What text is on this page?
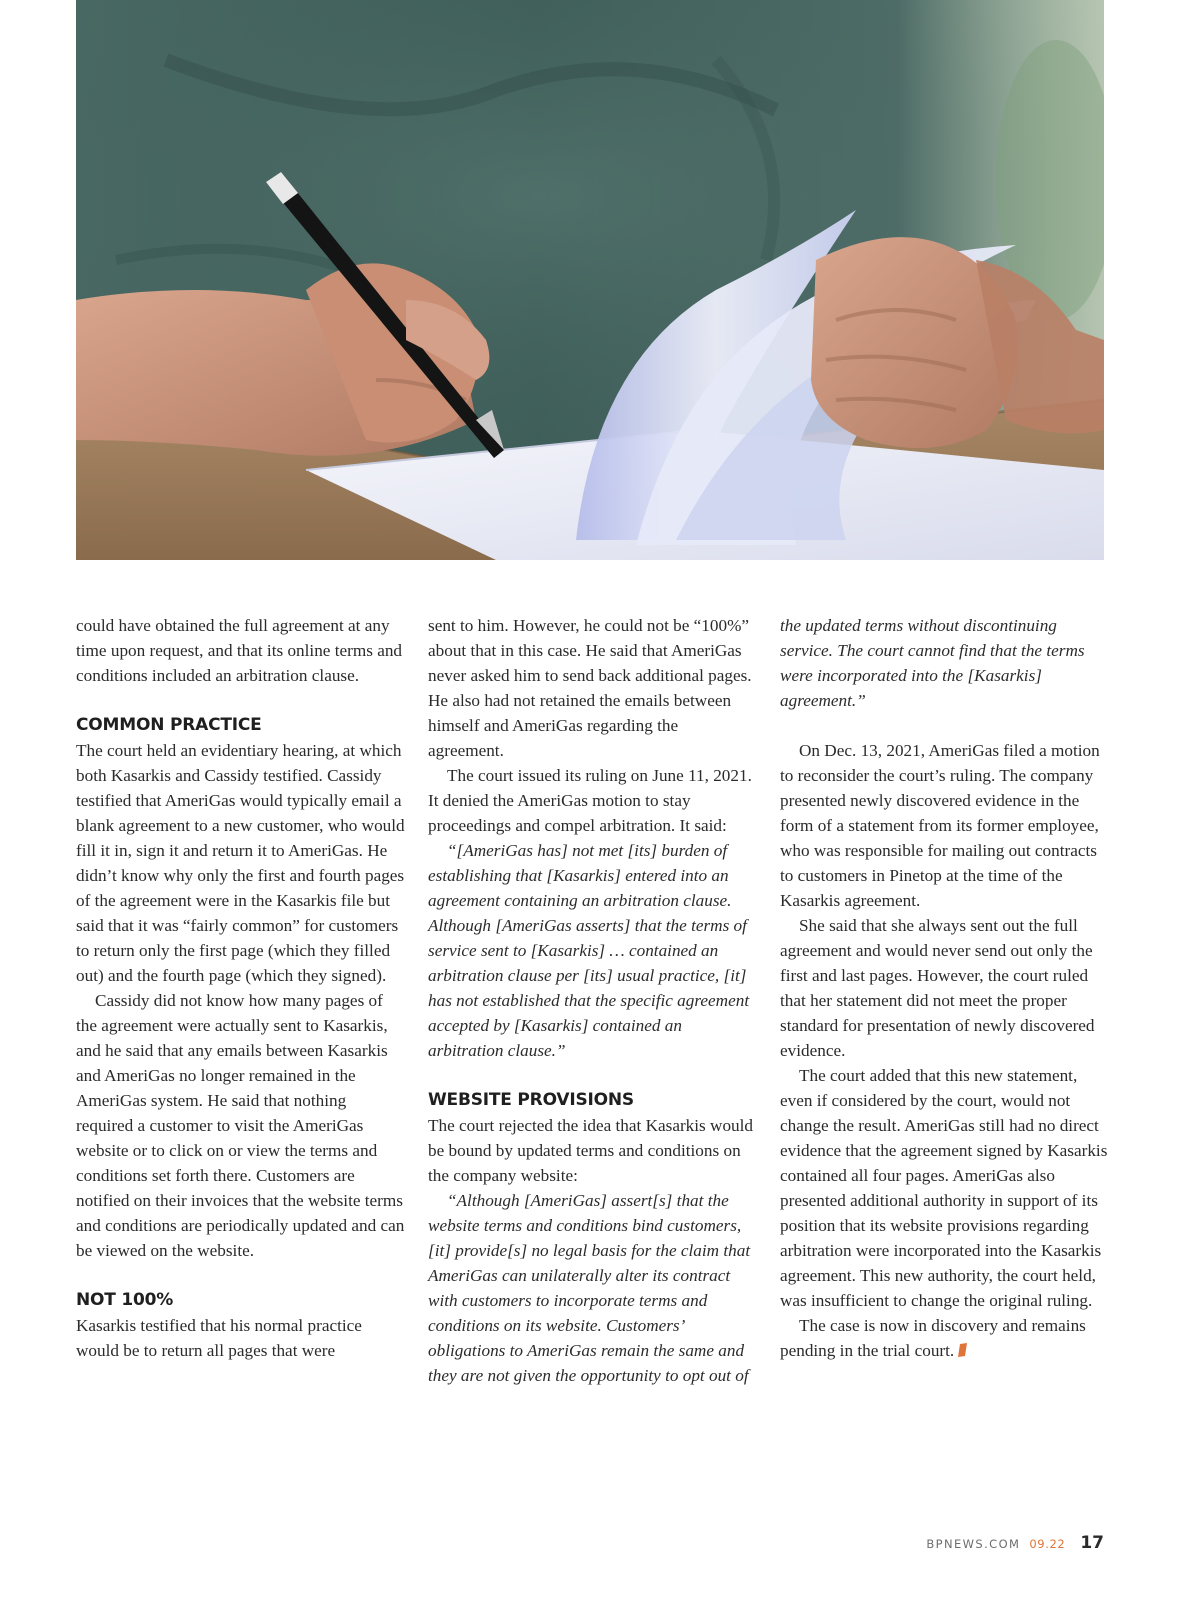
could have obtained the full agreement at any time upon request, and that its online terms and conditions included an arbitration clause.

COMMON PRACTICE

The court held an evidentiary hearing, at which both Kasarkis and Cassidy testified. Cassidy testified that AmeriGas would typically email a blank agreement to a new customer, who would fill it in, sign it and return it to AmeriGas. He didn’t know why only the first and fourth pages of the agreement were in the Kasarkis file but said that it was “fairly common” for customers to return only the first page (which they filled out) and the fourth page (which they signed).

Cassidy did not know how many pages of the agreement were actually sent to Kasarkis, and he said that any emails between Kasarkis and AmeriGas no longer remained in the AmeriGas system. He said that nothing required a customer to visit the AmeriGas website or to click on or view the terms and conditions set forth there. Customers are notified on their invoices that the website terms and conditions are periodically updated and can be viewed on the website.

NOT 100%

Kasarkis testified that his normal practice would be to return all pages that were

sent to him. However, he could not be “100%” about that in this case. He said that AmeriGas never asked him to send back additional pages. He also had not retained the emails between himself and AmeriGas regarding the agreement.

The court issued its ruling on June 11, 2021. It denied the AmeriGas motion to stay proceedings and compel arbitration. It said:

“[AmeriGas has] not met [its] burden of establishing that [Kasarkis] entered into an agreement containing an arbitration clause. Although [AmeriGas asserts] that the terms of service sent to [Kasarkis] … contained an arbitration clause per [its] usual practice, [it] has not established that the specific agreement accepted by [Kasarkis] contained an arbitration clause.”

WEBSITE PROVISIONS

The court rejected the idea that Kasarkis would be bound by updated terms and conditions on the company website:

“Although [AmeriGas] assert[s] that the website terms and conditions bind customers, [it] provide[s] no legal basis for the claim that AmeriGas can unilaterally alter its contract with customers to incorporate terms and conditions on its website. Customers’ obligations to AmeriGas remain the same and they are not given the opportunity to opt out of

the updated terms without discontinuing service. The court cannot find that the terms were incorporated into the [Kasarkis] agreement.”

On Dec. 13, 2021, AmeriGas filed a motion to reconsider the court’s ruling. The company presented newly discovered evidence in the form of a statement from its former employee, who was responsible for mailing out contracts to customers in Pinetop at the time of the Kasarkis agreement.

She said that she always sent out the full agreement and would never send out only the first and last pages. However, the court ruled that her statement did not meet the proper standard for presentation of newly discovered evidence.

The court added that this new statement, even if considered by the court, would not change the result. AmeriGas still had no direct evidence that the agreement signed by Kasarkis contained all four pages. AmeriGas also presented additional authority in support of its position that its website provisions regarding arbitration were incorporated into the Kasarkis agreement. This new authority, the court held, was insufficient to change the original ruling.

The case is now in discovery and remains pending in the trial court.

BPNEWS.COM 09.22 17
